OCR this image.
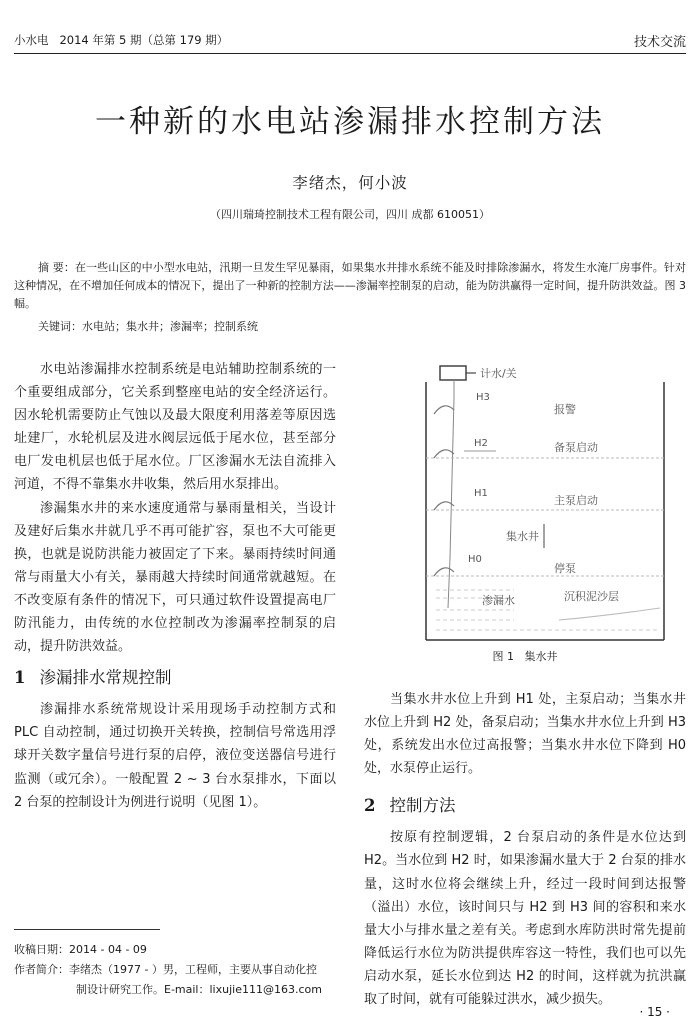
小水电   2014 年第 5 期（总第 179 期）	技术交流
一种新的水电站渗漏排水控制方法
李绪杰，何小波
（四川瑞琦控制技术工程有限公司，四川 成都 610051）
摘 要：在一些山区的中小型水电站，汛期一旦发生罕见暴雨，如果集水井排水系统不能及时排除渗漏水，将发生水淹厂房事件。针对这种情况，在不增加任何成本的情况下，提出了一种新的控制方法——渗漏率控制泵的启动，能为防洪赢得一定时间，提升防洪效益。图 3 幅。
关键词：水电站；集水井；渗漏率；控制系统

水电站渗漏排水控制系统是电站辅助控制系统的一个重要组成部分，它关系到整座电站的安全经济运行。因水轮机需要防止气蚀以及最大限度利用落差等原因选址建厂，水轮机层及进水阀层远低于尾水位，甚至部分电厂发电机层也低于尾水位。厂区渗漏水无法自流排入河道，不得不靠集水井收集，然后用水泵排出。

渗漏集水井的来水速度通常与暴雨量相关，当设计及建好后集水井就几乎不再可能扩容，泵也不大可能更换，也就是说防洪能力被固定了下来。暴雨持续时间通常与雨量大小有关，暴雨越大持续时间通常就越短。在不改变原有条件的情况下，可只通过软件设置提高电厂防汛能力，由传统的水位控制改为渗漏率控制泵的启动，提升防洪效益。

1 渗漏排水常规控制

渗漏排水系统常规设计采用现场手动控制方式和 PLC 自动控制，通过切换开关转换，控制信号常选用浮球开关数字量信号进行泵的启停，液位变送器信号进行监测（或冗余）。一般配置 2 ~ 3 台水泵排水，下面以 2 台泵的控制设计为例进行说明（见图 1）。

计水/关
H3
报警
H2	备泵启动
H1
主泵启动
集水井
H0
停泵
渗漏水	沉积泥沙层
图 1   集水井

当集水井水位上升到 H1 处，主泵启动；当集水井水位上升到 H2 处，备泵启动；当集水井水位上升到 H3 处，系统发出水位过高报警；当集水井水位下降到 H0 处，水泵停止运行。

2 控制方法

按原有控制逻辑，2 台泵启动的条件是水位达到 H2。当水位到 H2 时，如果渗漏水量大于 2 台泵的排水量，这时水位将会继续上升，经过一段时间到达报警（溢出）水位，该时间只与 H2 到 H3 间的容积和来水量大小与排水量之差有关。考虑到水库防洪时常先提前降低运行水位为防洪提供库容这一特性，我们也可以先启动水泵，延长水位到达 H2 的时间，这样就为抗洪赢取了时间，就有可能躲过洪水，减少损失。

收稿日期：2014 - 04 - 09
作者简介：李绪杰（1977 - ）男，工程师，主要从事自动化控
制设计研究工作。E-mail：lixujie111@163.com
· 15 ·
